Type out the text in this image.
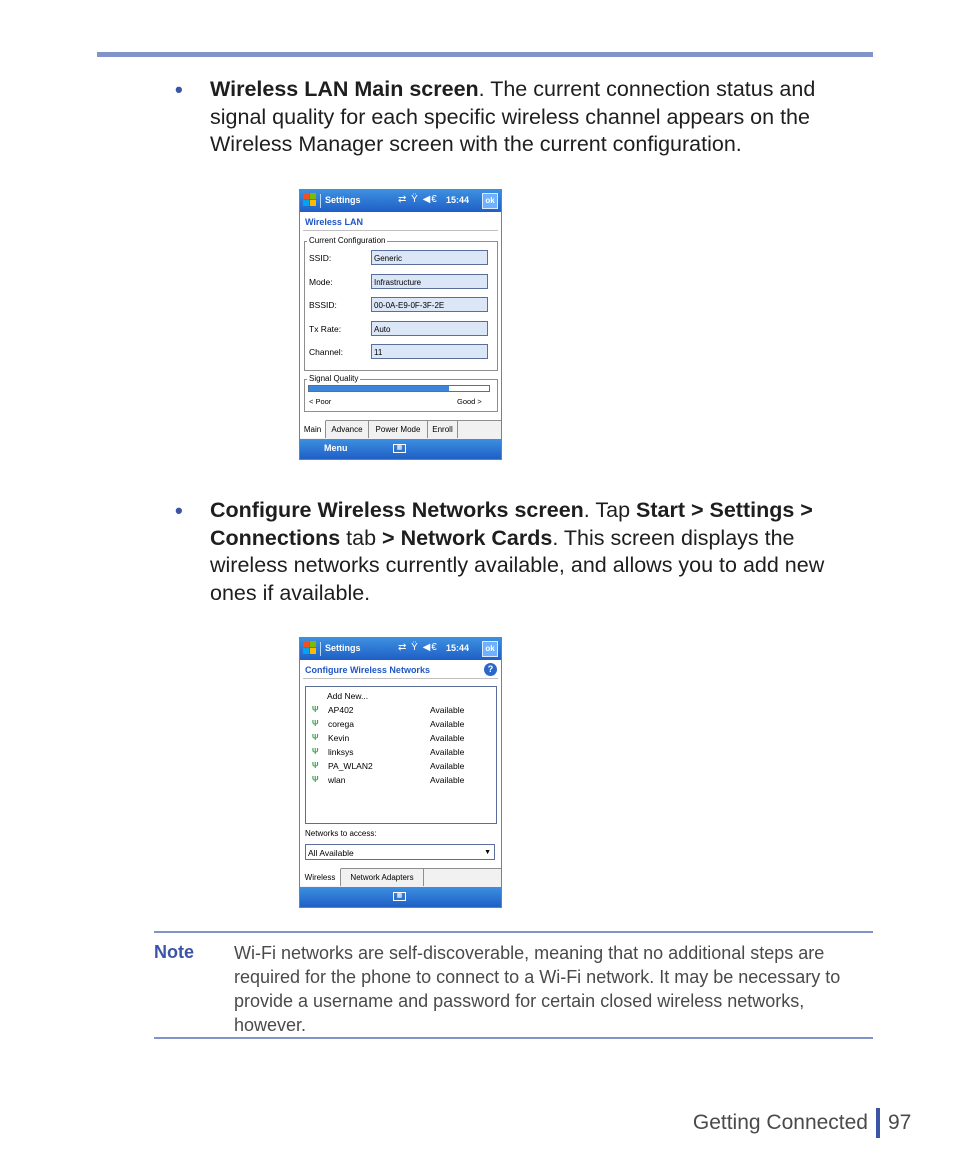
• Wireless LAN Main screen. The current connection status and signal quality for each specific wireless channel appears on the Wireless Manager screen with the current configuration.

Settings	⇄ Ÿ ◀€ 15:44	ok
Wireless LAN
Current Configuration
SSID:	Generic
Mode:	Infrastructure
BSSID:	00-0A-E9-0F-3F-2E
Tx Rate:	Auto
Channel:	11
Signal Quality
< Poor	Good >
Main	Advance	Power Mode	Enroll
Menu	▦
• Configure Wireless Networks screen. Tap Start > Settings > Connections tab > Network Cards. This screen displays the wireless networks currently available, and allows you to add new ones if available.

Settings	⇄ Ÿ ◀€ 15:44	ok
Configure Wireless Networks	?
Add New...
Ψ AP402	Available
Ψ corega	Available
Ψ Kevin	Available
Ψ linksys	Available
Ψ PA_WLAN2	Available
Ψ wlan	Available
Networks to access:
All Available	▼
Wireless	Network Adapters
▦
Note Wi-Fi networks are self-discoverable, meaning that no additional steps are required for the phone to connect to a Wi-Fi network. It may be necessary to provide a username and password for certain closed wireless networks, however.

Getting Connected 97
